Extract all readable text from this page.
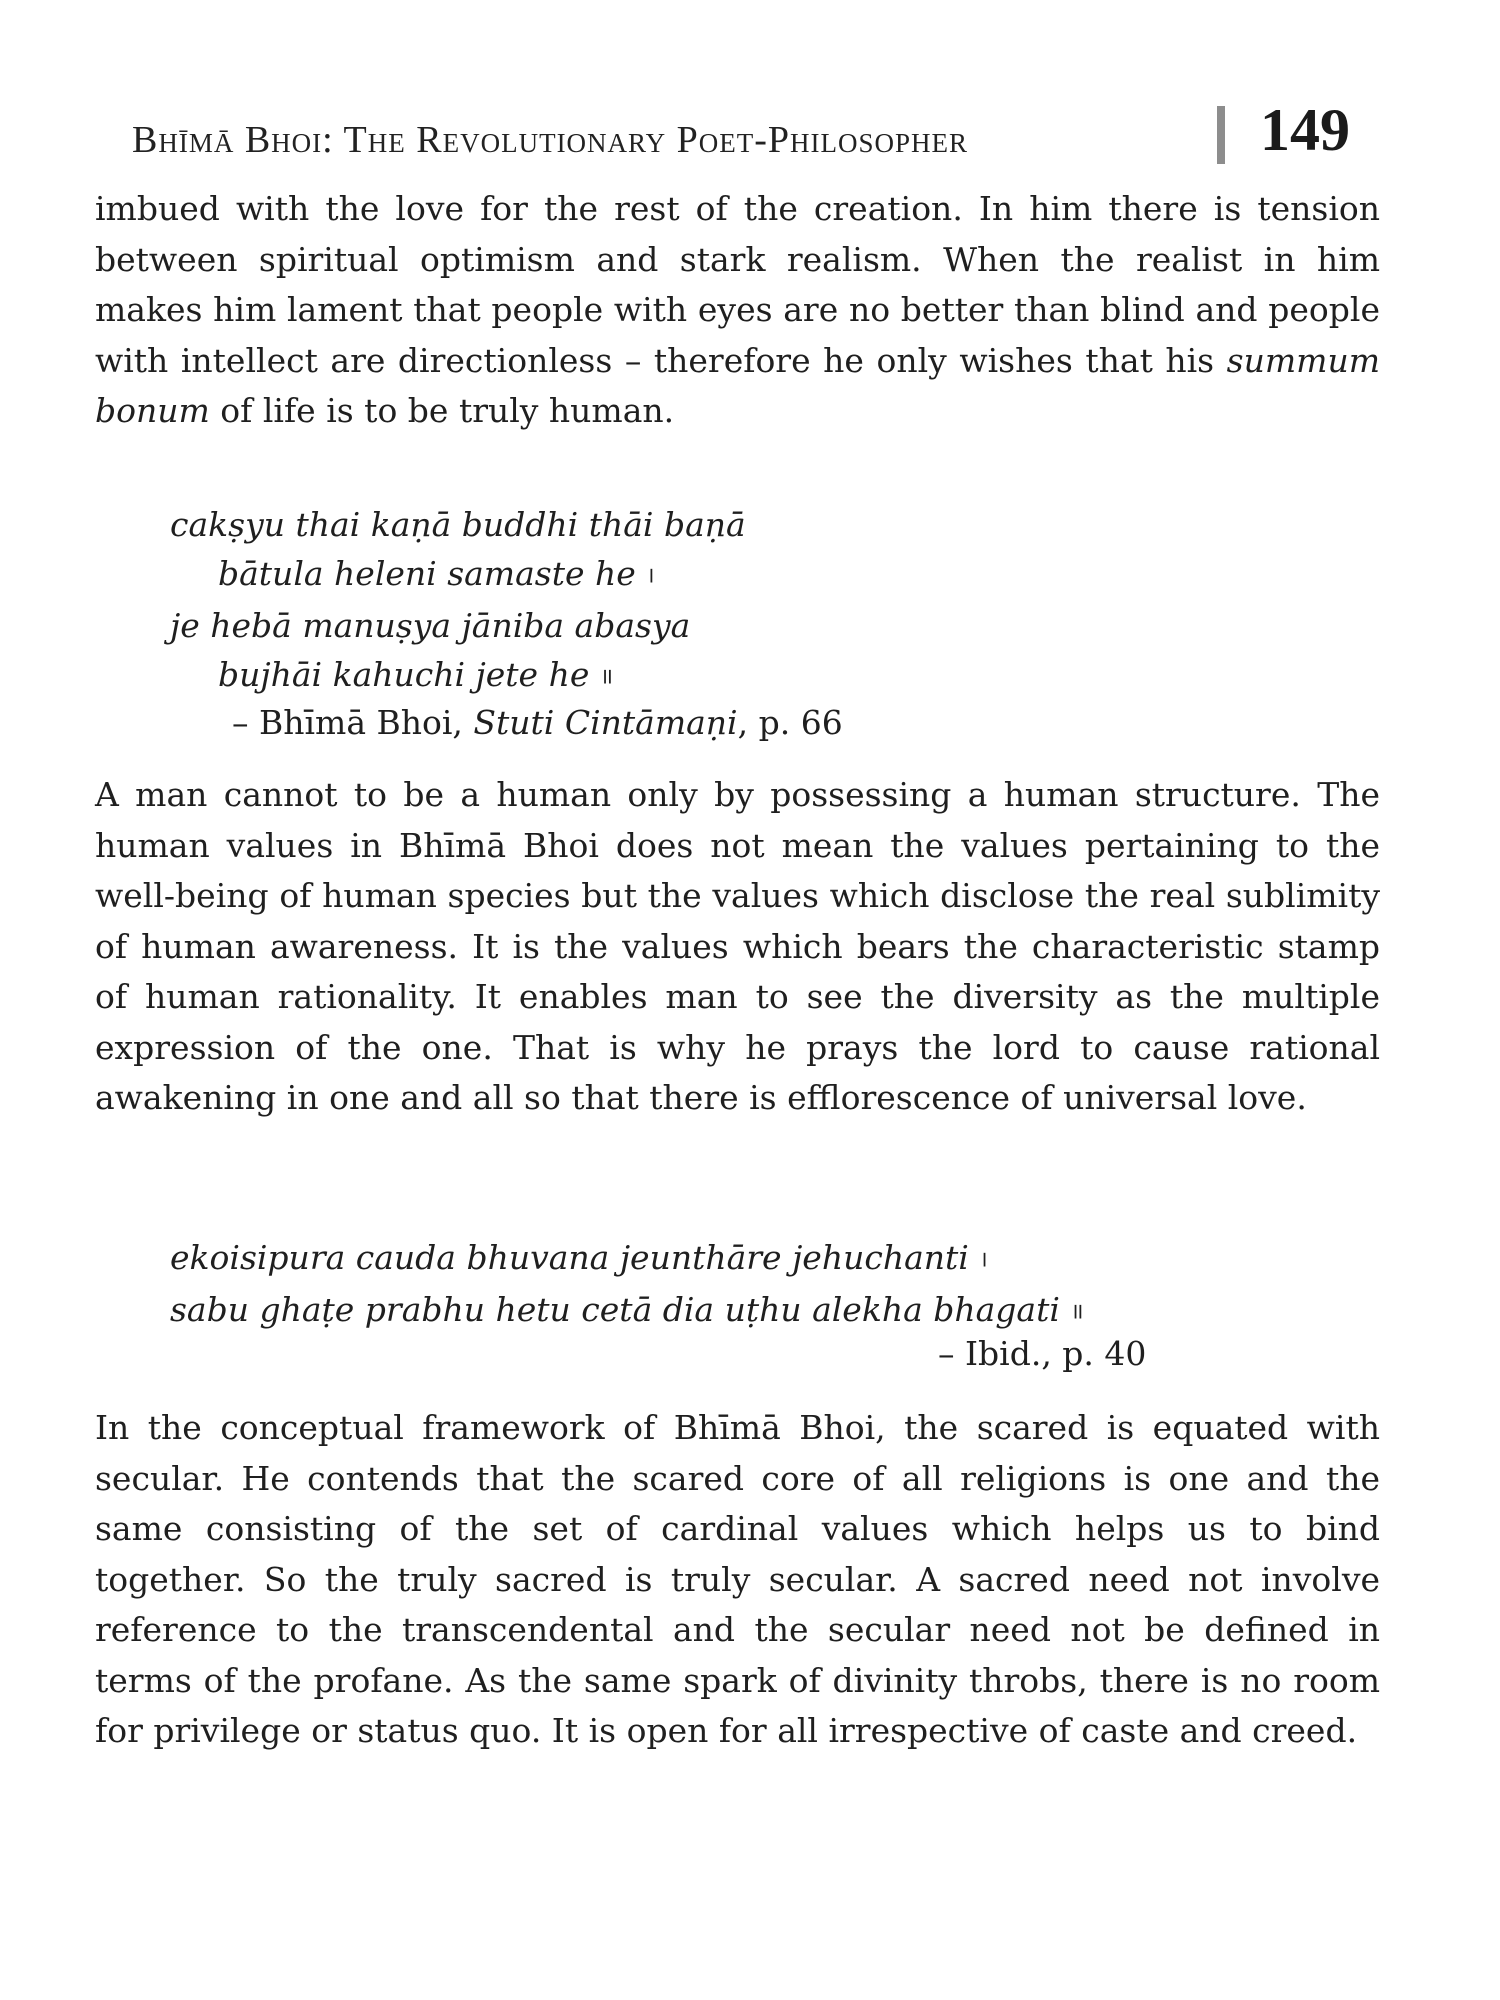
Bhīmā Bhoi: The Revolutionary Poet-Philosopher	149

imbued with the love for the rest of the creation. In him there is tension between spiritual optimism and stark realism. When the realist in him makes him lament that people with eyes are no better than blind and people with intellect are directionless – therefore he only wishes that his summum bonum of life is to be truly human.

cakṣyu thai kaṇā buddhi thāi baṇā
bātula heleni samaste he ।
je hebā manuṣya jāniba abasya
bujhāi kahuchi jete he ॥
– Bhīmā Bhoi, Stuti Cintāmaṇi, p. 66

A man cannot to be a human only by possessing a human structure. The human values in Bhīmā Bhoi does not mean the values pertaining to the well-being of human species but the values which disclose the real sublimity of human awareness. It is the values which bears the characteristic stamp of human rationality. It enables man to see the diversity as the multiple expression of the one. That is why he prays the lord to cause rational awakening in one and all so that there is efflorescence of universal love.

ekoisipura cauda bhuvana jeunthāre jehuchanti ।
sabu ghaṭe prabhu hetu cetā dia uṭhu alekha bhagati ॥
– Ibid., p. 40

In the conceptual framework of Bhīmā Bhoi, the scared is equated with secular. He contends that the scared core of all religions is one and the same consisting of the set of cardinal values which helps us to bind together. So the truly sacred is truly secular. A sacred need not involve reference to the transcendental and the secular need not be defined in terms of the profane. As the same spark of divinity throbs, there is no room for privilege or status quo. It is open for all irrespective of caste and creed.
